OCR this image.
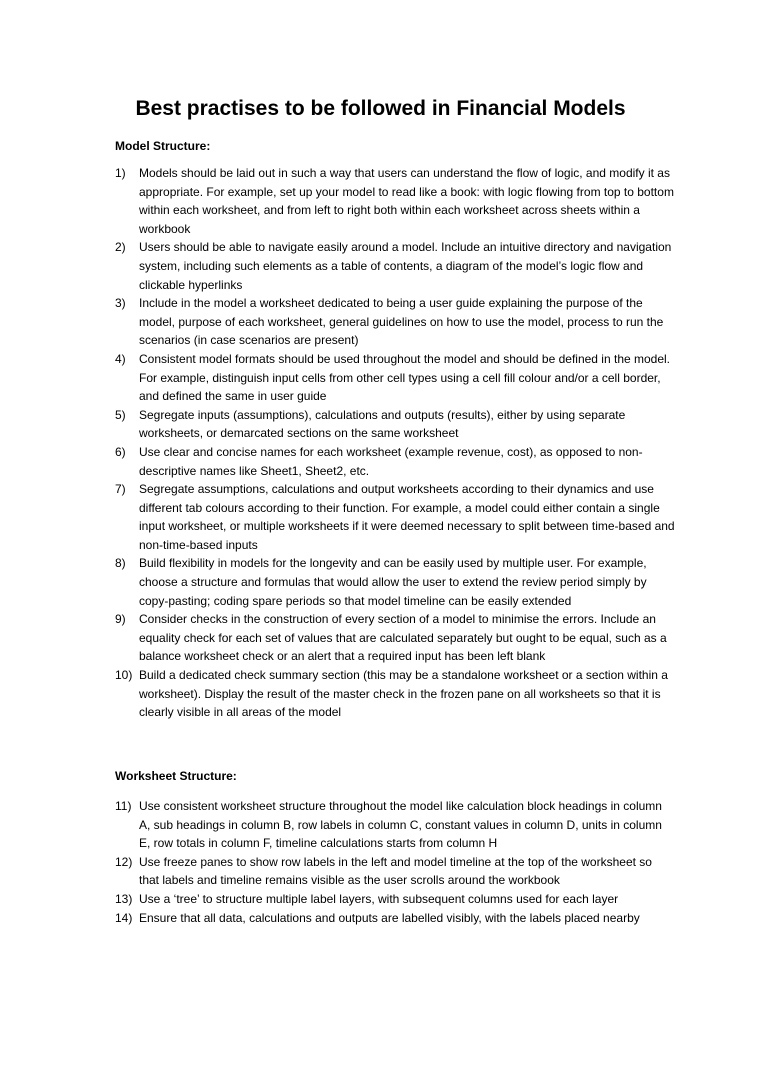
Best practises to be followed in Financial Models
Model Structure:
1) Models should be laid out in such a way that users can understand the flow of logic, and modify it as appropriate. For example, set up your model to read like a book: with logic flowing from top to bottom within each worksheet, and from left to right both within each worksheet across sheets within a workbook
2) Users should be able to navigate easily around a model. Include an intuitive directory and navigation system, including such elements as a table of contents, a diagram of the model’s logic flow and clickable hyperlinks
3) Include in the model a worksheet dedicated to being a user guide explaining the purpose of the model, purpose of each worksheet, general guidelines on how to use the model, process to run the scenarios (in case scenarios are present)
4) Consistent model formats should be used throughout the model and should be defined in the model. For example, distinguish input cells from other cell types using a cell fill colour and/or a cell border, and defined the same in user guide
5) Segregate inputs (assumptions), calculations and outputs (results), either by using separate worksheets, or demarcated sections on the same worksheet
6) Use clear and concise names for each worksheet (example revenue, cost), as opposed to non-descriptive names like Sheet1, Sheet2, etc.
7) Segregate assumptions, calculations and output worksheets according to their dynamics and use different tab colours according to their function. For example, a model could either contain a single input worksheet, or multiple worksheets if it were deemed necessary to split between time-based and non-time-based inputs
8) Build flexibility in models for the longevity and can be easily used by multiple user. For example, choose a structure and formulas that would allow the user to extend the review period simply by copy-pasting; coding spare periods so that model timeline can be easily extended
9) Consider checks in the construction of every section of a model to minimise the errors. Include an equality check for each set of values that are calculated separately but ought to be equal, such as a balance worksheet check or an alert that a required input has been left blank
10) Build a dedicated check summary section (this may be a standalone worksheet or a section within a worksheet). Display the result of the master check in the frozen pane on all worksheets so that it is clearly visible in all areas of the model
Worksheet Structure:
11) Use consistent worksheet structure throughout the model like calculation block headings in column A, sub headings in column B, row labels in column C, constant values in column D, units in column E, row totals in column F, timeline calculations starts from column H
12) Use freeze panes to show row labels in the left and model timeline at the top of the worksheet so that labels and timeline remains visible as the user scrolls around the workbook
13) Use a ‘tree’ to structure multiple label layers, with subsequent columns used for each layer
14) Ensure that all data, calculations and outputs are labelled visibly, with the labels placed nearby
